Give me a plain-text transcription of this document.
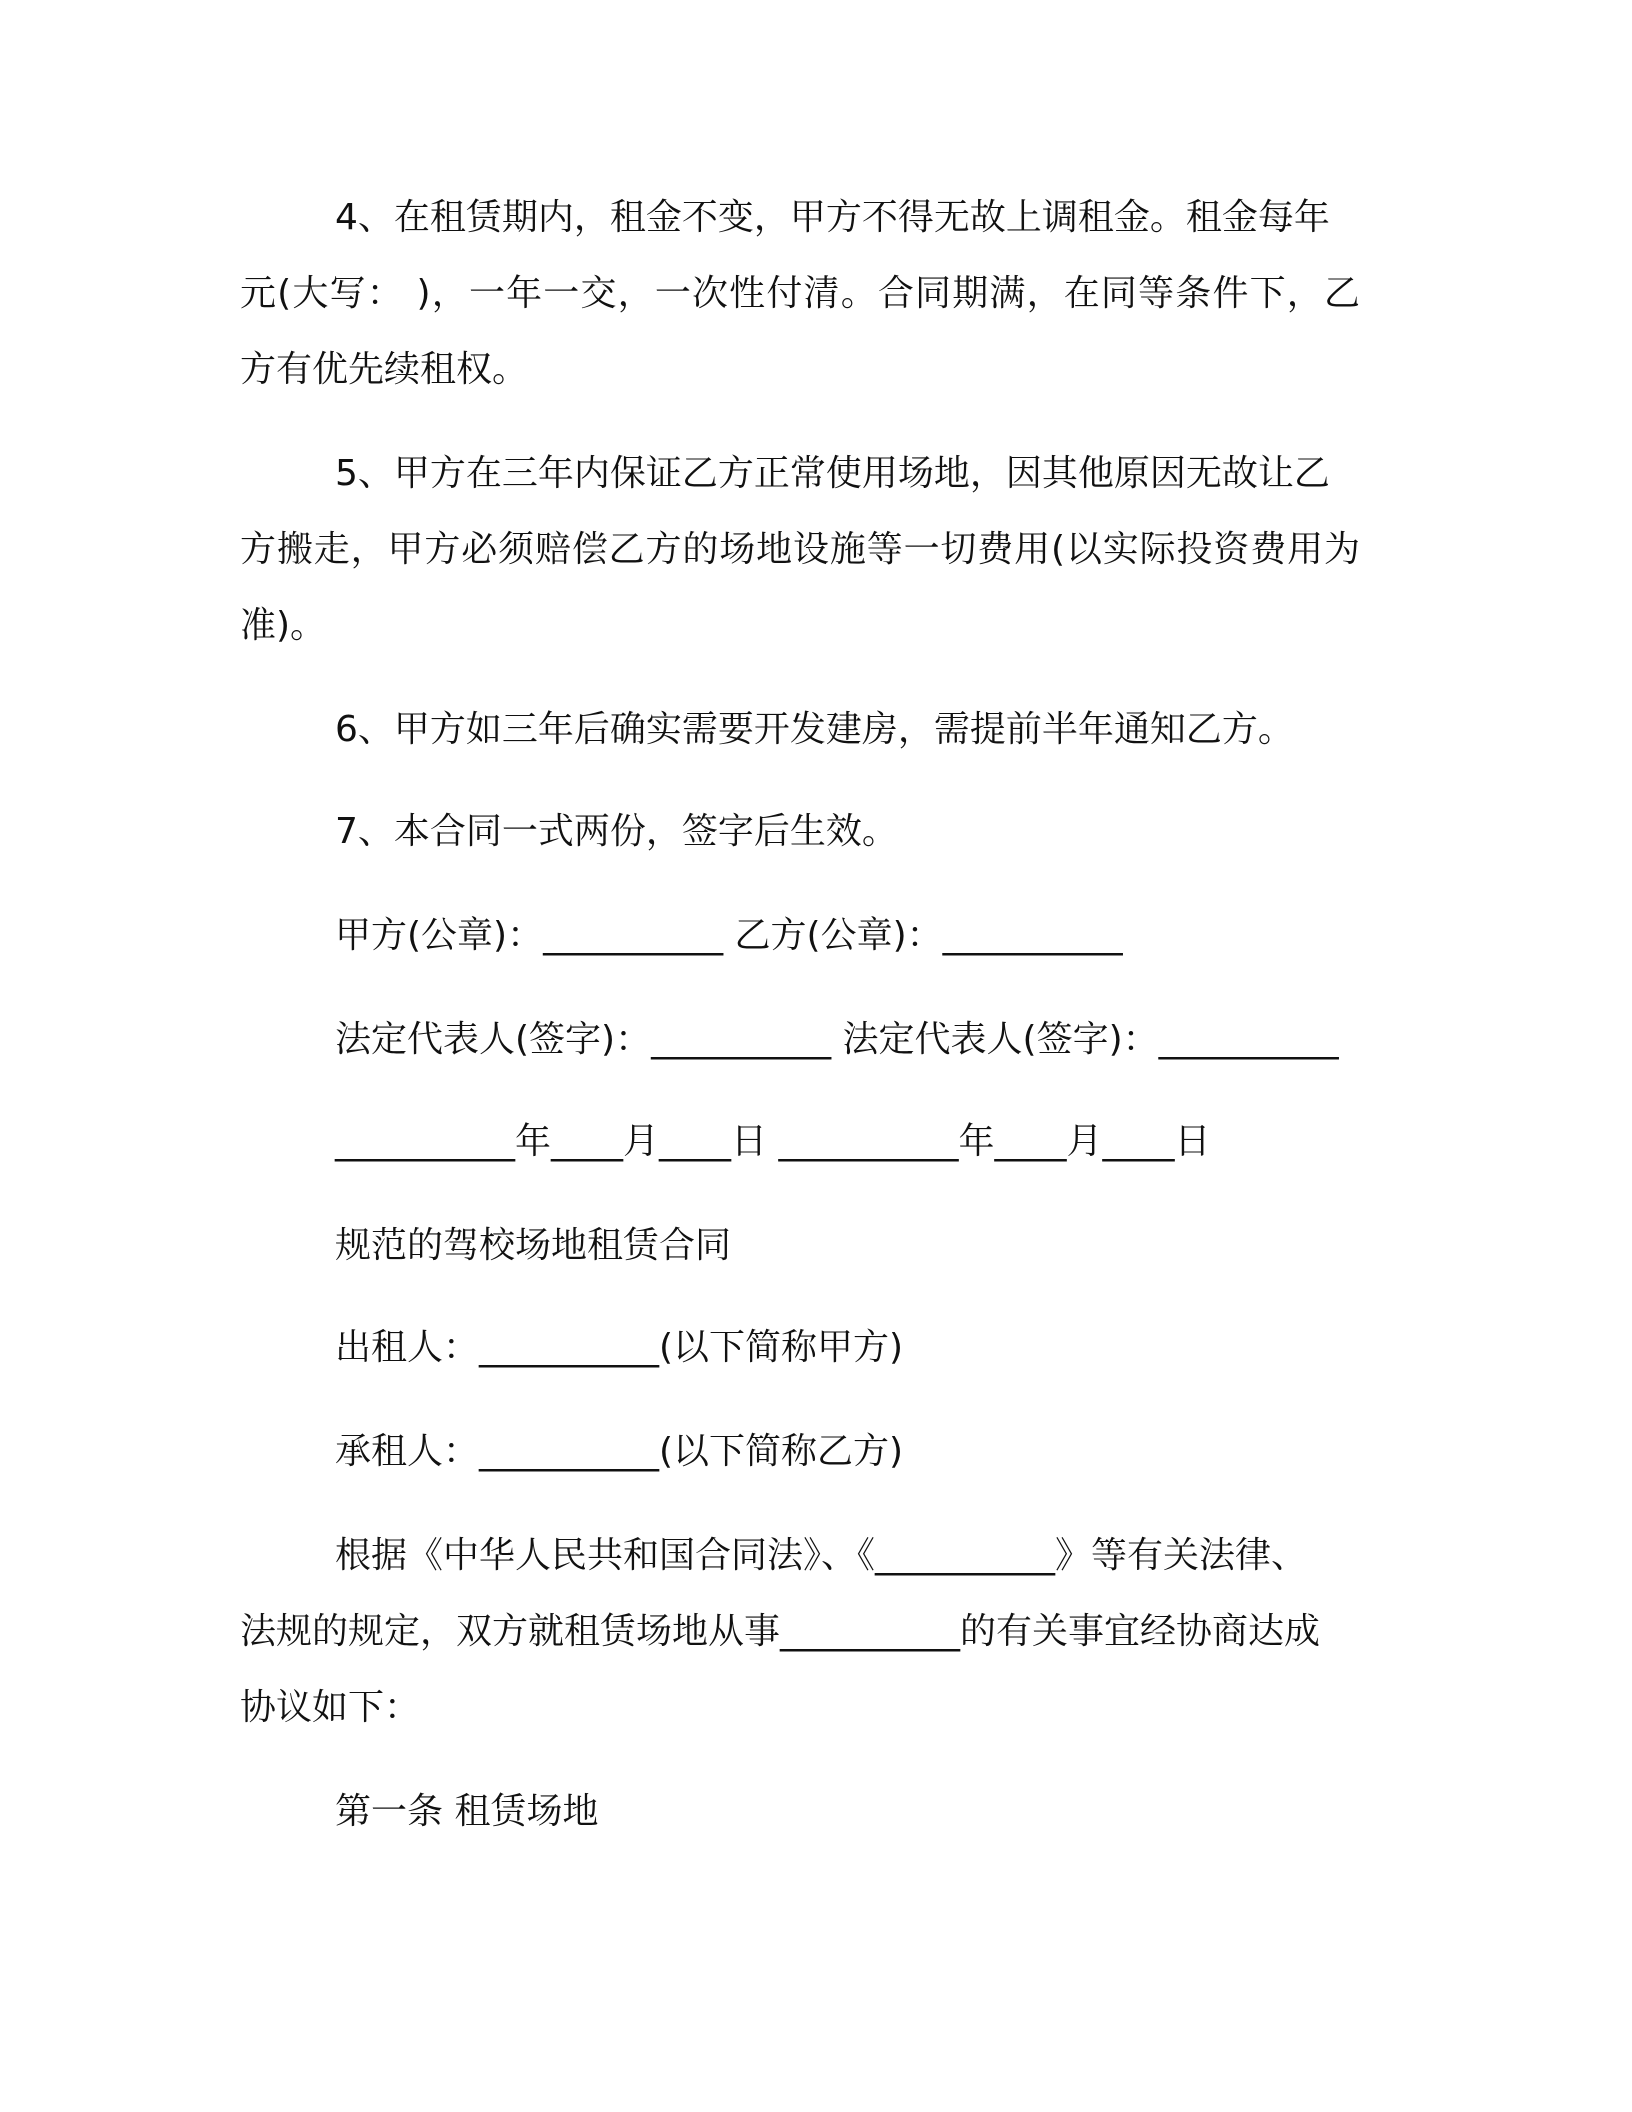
4、在租赁期内，租金不变，甲方不得无故上调租金。租金每年
元(大写： )，一年一交，一次性付清。合同期满，在同等条件下，乙
方有优先续租权。
5、甲方在三年内保证乙方正常使用场地，因其他原因无故让乙
方搬走，甲方必须赔偿乙方的场地设施等一切费用(以实际投资费用为
准)。
6、甲方如三年后确实需要开发建房，需提前半年通知乙方。
7、本合同一式两份，签字后生效。
甲方(公章)：__________ 乙方(公章)：__________
法定代表人(签字)：__________ 法定代表人(签字)：__________
__________年____月____日 __________年____月____日
规范的驾校场地租赁合同
出租人：__________(以下简称甲方)
承租人：__________(以下简称乙方)
根据《中华人民共和国合同法》、《__________》等有关法律、
法规的规定，双方就租赁场地从事__________的有关事宜经协商达成
协议如下：
第一条 租赁场地
